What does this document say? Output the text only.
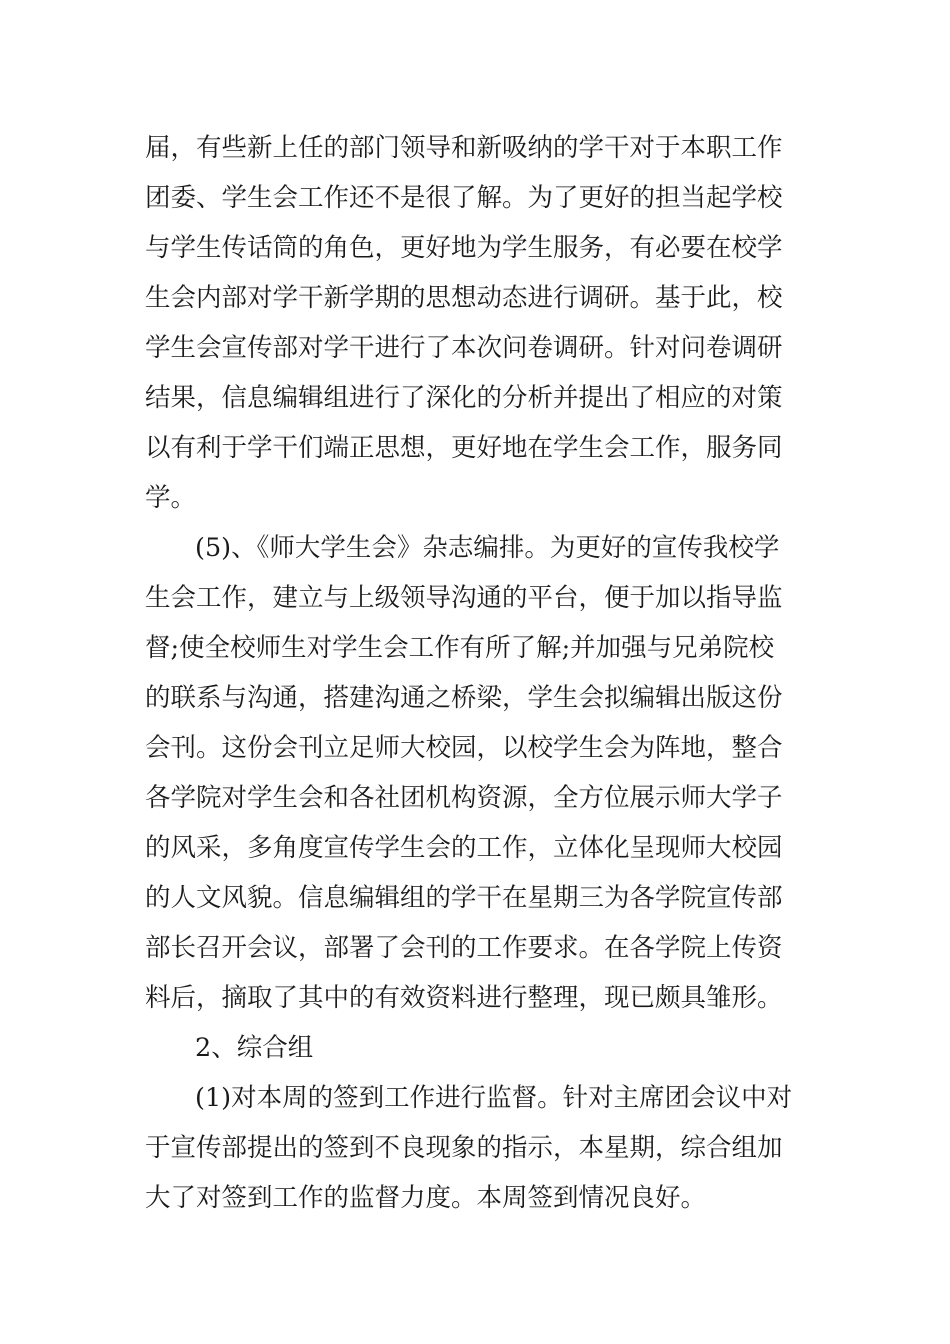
届，有些新上任的部门领导和新吸纳的学干对于本职工作
团委、学生会工作还不是很了解。为了更好的担当起学校
与学生传话筒的角色，更好地为学生服务，有必要在校学
生会内部对学干新学期的思想动态进行调研。基于此，校
学生会宣传部对学干进行了本次问卷调研。针对问卷调研
结果，信息编辑组进行了深化的分析并提出了相应的对策
以有利于学干们端正思想，更好地在学生会工作，服务同
学。
(5)、《师大学生会》杂志编排。为更好的宣传我校学
生会工作，建立与上级领导沟通的平台，便于加以指导监
督;使全校师生对学生会工作有所了解;并加强与兄弟院校
的联系与沟通，搭建沟通之桥梁，学生会拟编辑出版这份
会刊。这份会刊立足师大校园，以校学生会为阵地，整合
各学院对学生会和各社团机构资源，全方位展示师大学子
的风采，多角度宣传学生会的工作，立体化呈现师大校园
的人文风貌。信息编辑组的学干在星期三为各学院宣传部
部长召开会议，部署了会刊的工作要求。在各学院上传资
料后，摘取了其中的有效资料进行整理，现已颇具雏形。
2、综合组
(1)对本周的签到工作进行监督。针对主席团会议中对
于宣传部提出的签到不良现象的指示，本星期，综合组加
大了对签到工作的监督力度。本周签到情况良好。
